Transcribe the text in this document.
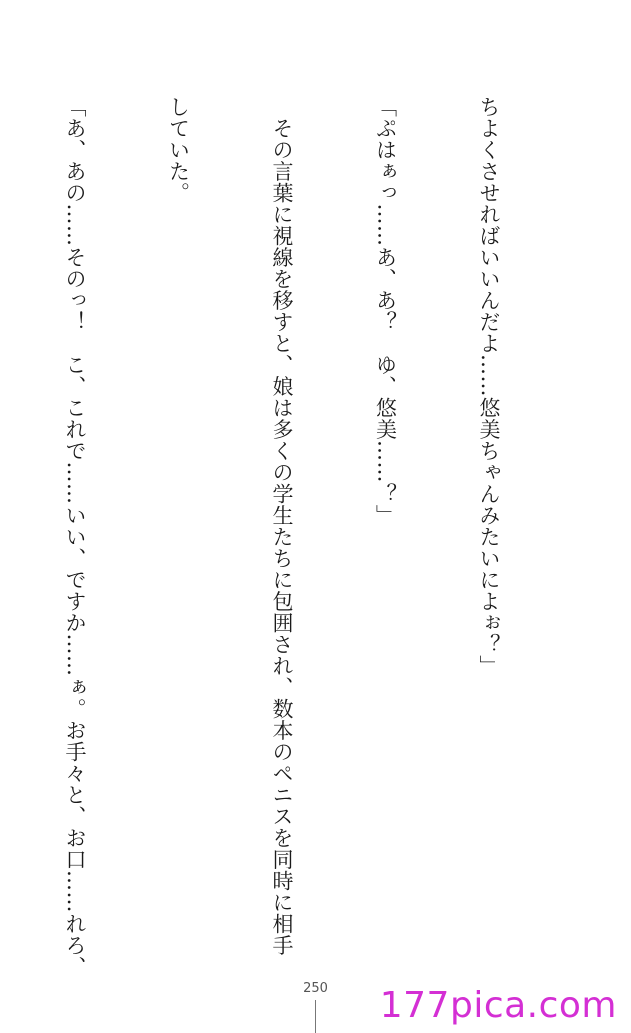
ちよくさせればいいんだよ……悠美ちゃんみたいによぉ？」

「ぷはぁっ……あ、あ？　ゆ、悠美……？」

　その言葉に視線を移すと、娘は多くの学生たちに包囲され、数本のペニスを同時に相手

していた。

「あ、あの……そのっ！　こ、これで……いい、ですか……ぁ。お手々と、お口……れろ、

250	177pica.com
